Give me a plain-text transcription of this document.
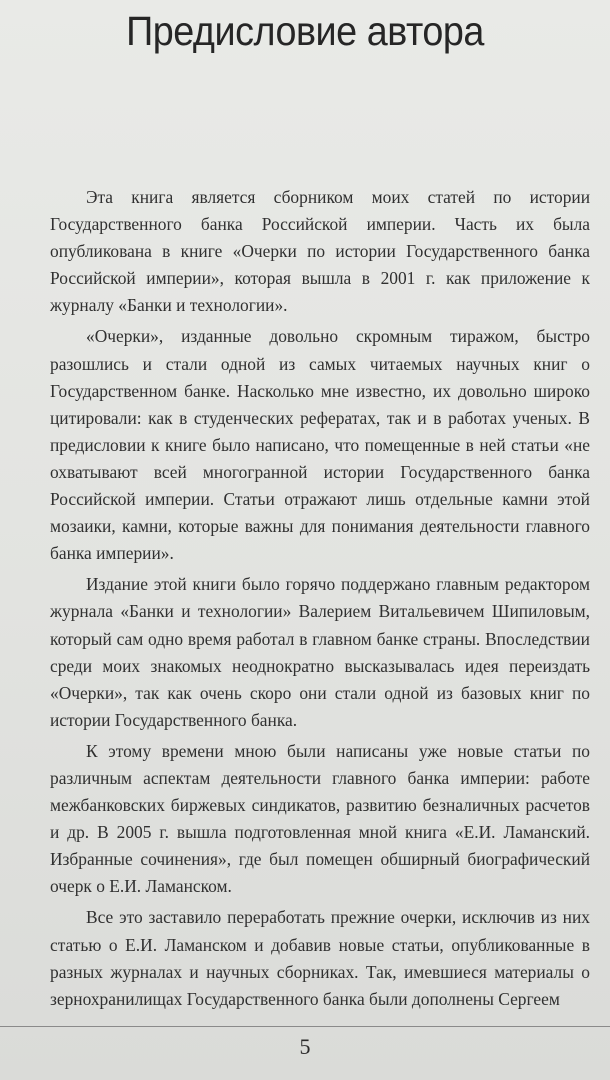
Предисловие автора

Эта книга является сборником моих статей по истории Государственного банка Российской империи. Часть их была опубликована в книге «Очерки по истории Государственного банка Российской империи», которая вышла в 2001 г. как приложение к журналу «Банки и технологии».

«Очерки», изданные довольно скромным тиражом, быстро разошлись и стали одной из самых читаемых научных книг о Государственном банке. Насколько мне известно, их довольно широко цитировали: как в студенческих рефератах, так и в работах ученых. В предисловии к книге было написано, что помещенные в ней статьи «не охватывают всей многогранной истории Государственного банка Российской империи. Статьи отражают лишь отдельные камни этой мозаики, камни, которые важны для понимания деятельности главного банка империи».

Издание этой книги было горячо поддержано главным редактором журнала «Банки и технологии» Валерием Витальевичем Шипиловым, который сам одно время работал в главном банке страны. Впоследствии среди моих знакомых неоднократно высказывалась идея переиздать «Очерки», так как очень скоро они стали одной из базовых книг по истории Государственного банка.

К этому времени мною были написаны уже новые статьи по различным аспектам деятельности главного банка империи: работе межбанковских биржевых синдикатов, развитию безналичных расчетов и др. В 2005 г. вышла подготовленная мной книга «Е.И. Ламанский. Избранные сочинения», где был помещен обширный биографический очерк о Е.И. Ламанском.

Все это заставило переработать прежние очерки, исключив из них статью о Е.И. Ламанском и добавив новые статьи, опубликованные в разных журналах и научных сборниках. Так, имевшиеся материалы о зернохранилищах Государственного банка были дополнены Сергеем

5
